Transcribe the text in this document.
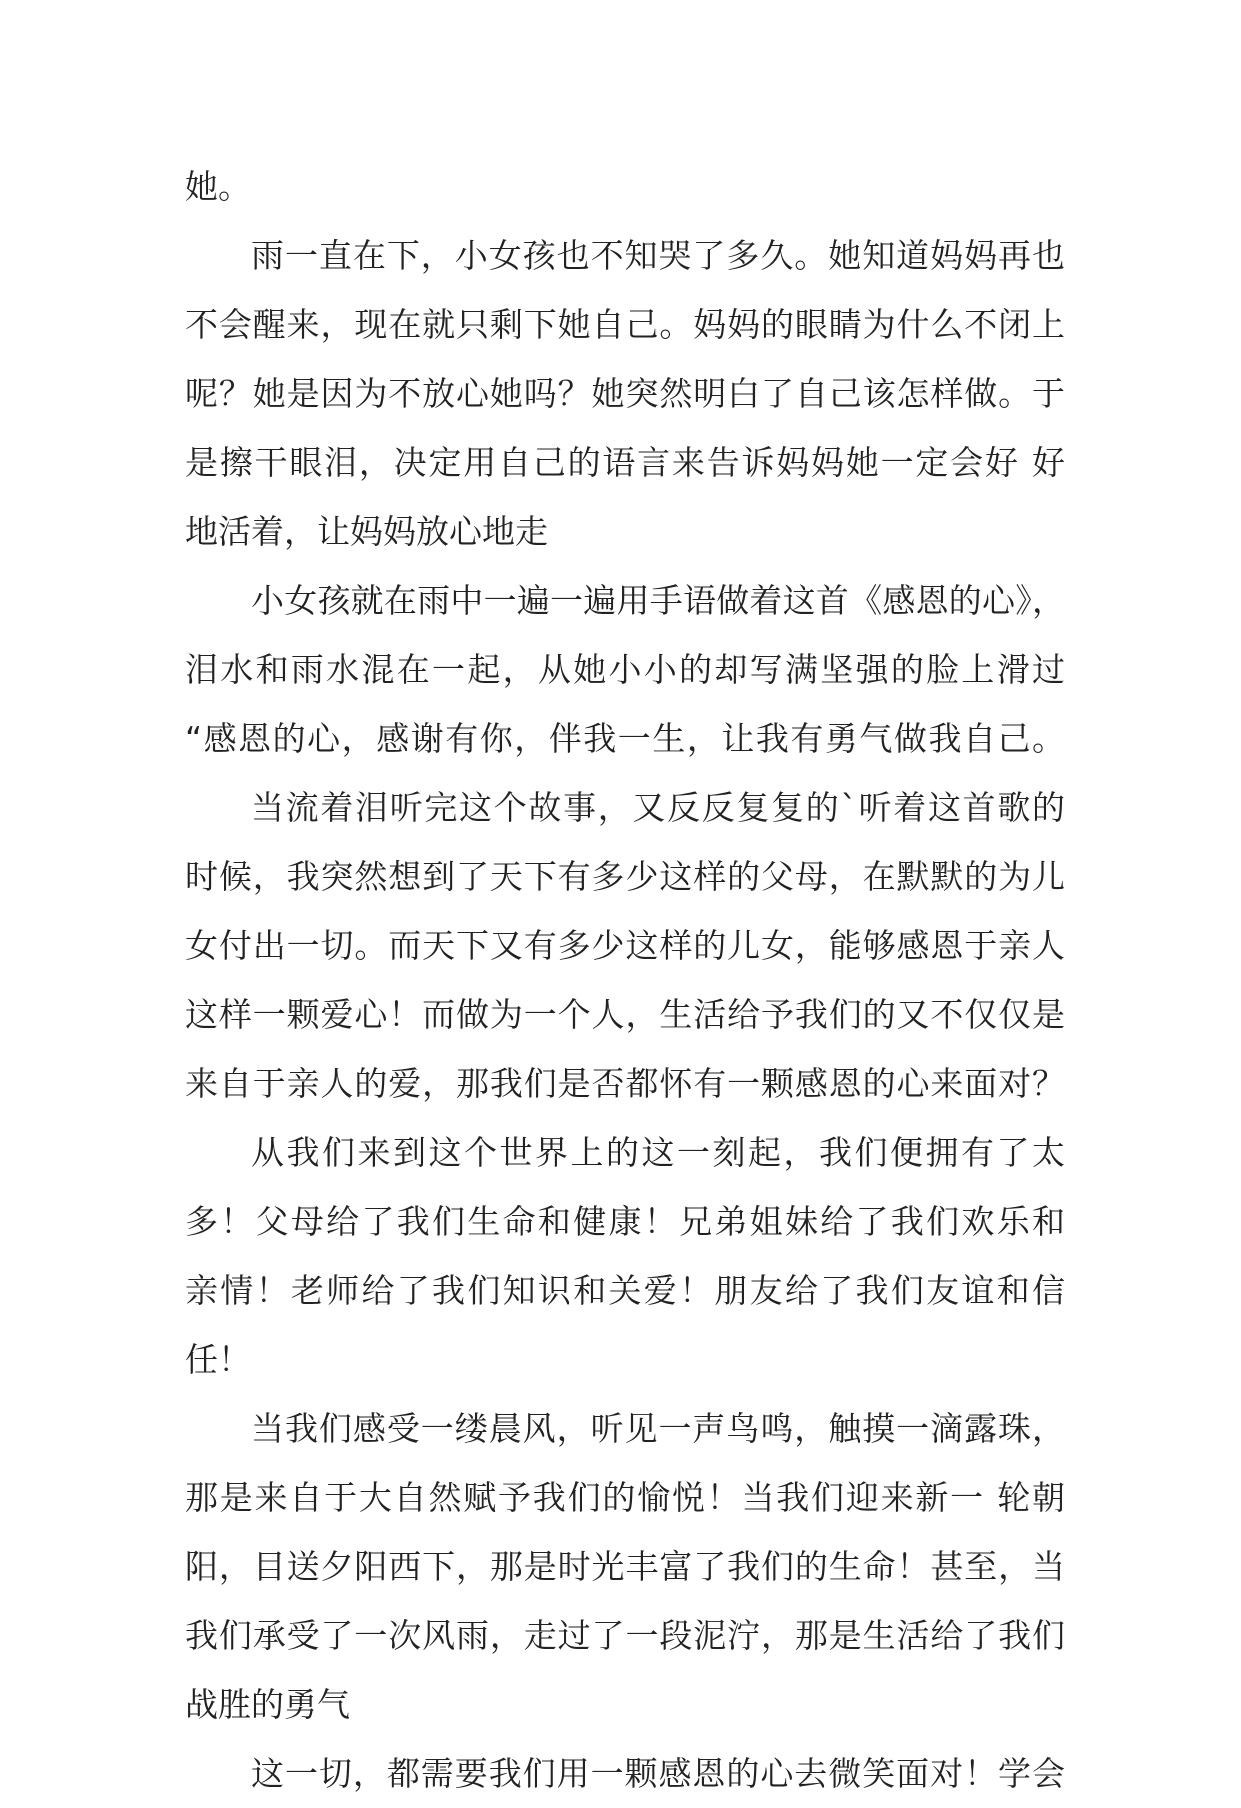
她。
雨一直在下，小女孩也不知哭了多久。她知道妈妈再也
不会醒来，现在就只剩下她自己。妈妈的眼睛为什么不闭上
呢？她是因为不放心她吗？她突然明白了自己该怎样做。于
是擦干眼泪，决定用自己的语言来告诉妈妈她一定会好 好
地活着，让妈妈放心地走
小女孩就在雨中一遍一遍用手语做着这首《感恩的心》，
泪水和雨水混在一起，从她小小的却写满坚强的脸上滑过
“感恩的心，感谢有你，伴我一生，让我有勇气做我自己。
当流着泪听完这个故事，又反反复复的`听着这首歌的
时候，我突然想到了天下有多少这样的父母，在默默的为儿
女付出一切。而天下又有多少这样的儿女，能够感恩于亲人
这样一颗爱心！而做为一个人，生活给予我们的又不仅仅是
来自于亲人的爱，那我们是否都怀有一颗感恩的心来面对？
从我们来到这个世界上的这一刻起，我们便拥有了太
多！父母给了我们生命和健康！兄弟姐妹给了我们欢乐和
亲情！老师给了我们知识和关爱！朋友给了我们友谊和信
任！
当我们感受一缕晨风，听见一声鸟鸣，触摸一滴露珠，
那是来自于大自然赋予我们的愉悦！当我们迎来新一 轮朝
阳，目送夕阳西下，那是时光丰富了我们的生命！甚至，当
我们承受了一次风雨，走过了一段泥泞，那是生活给了我们
战胜的勇气
这一切，都需要我们用一颗感恩的心去微笑面对！学会
